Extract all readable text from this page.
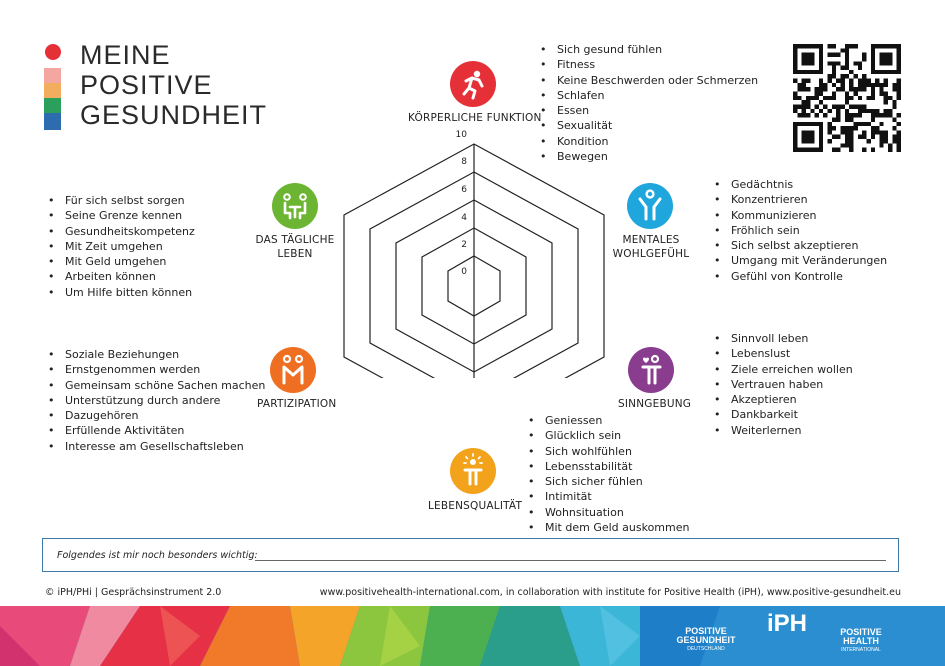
MEINE
POSITIVE
GESUNDHEIT
10
8
6
4
2
0
KÖRPERLICHE FUNKTION
• Sich gesund fühlen
• Fitness
• Keine Beschwerden oder Schmerzen
• Schlafen
• Essen
• Sexualität
• Kondition
• Bewegen
MENTALES
WOHLGEFÜHL
• Gedächtnis
• Konzentrieren
• Kommunizieren
• Fröhlich sein
• Sich selbst akzeptieren
• Umgang mit Veränderungen
• Gefühl von Kontrolle
SINNGEBUNG
• Sinnvoll leben
• Lebenslust
• Ziele erreichen wollen
• Vertrauen haben
• Akzeptieren
• Dankbarkeit
• Weiterlernen
LEBENSQUALITÄT
• Geniessen
• Glücklich sein
• Sich wohlfühlen
• Lebensstabilität
• Sich sicher fühlen
• Intimität
• Wohnsituation
• Mit dem Geld auskommen
PARTIZIPATION
• Soziale Beziehungen
• Ernstgenommen werden
• Gemeinsam schöne Sachen machen
• Unterstützung durch andere
• Dazugehören
• Erfüllende Aktivitäten
• Interesse am Gesellschaftsleben
DAS TÄGLICHE
LEBEN
• Für sich selbst sorgen
• Seine Grenze kennen
• Gesundheitskompetenz
• Mit Zeit umgehen
• Mit Geld umgehen
• Arbeiten können
• Um Hilfe bitten können
Folgendes ist mir noch besonders wichtig:
© iPH/PHi | Gesprächsinstrument 2.0	www.positivehealth-international.com, in collaboration with institute for Positive Health (iPH), www.positive-gesundheit.eu
POSITIVE
GESUNDHEIT
DEUTSCHLAND
iPH	POSITIVE
HEALTH
INTERNATIONAL
